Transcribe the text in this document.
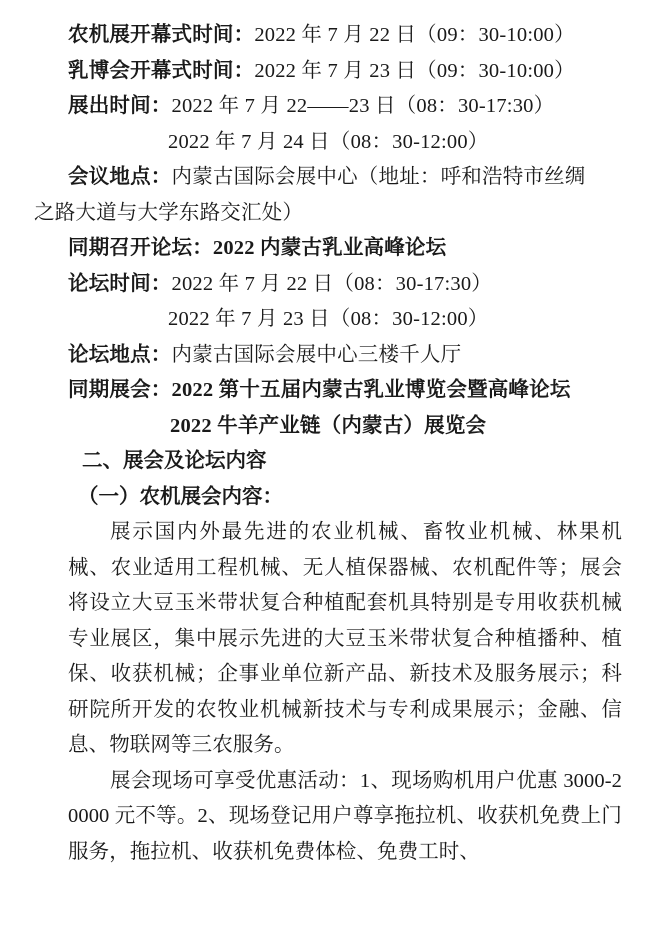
农机展开幕式时间：2022 年 7 月 22 日（09：30-10:00）
乳博会开幕式时间：2022 年 7 月 23 日（09：30-10:00）
展出时间：2022 年 7 月 22——23 日（08：30-17:30）
2022 年 7 月 24 日（08：30-12:00）
会议地点：内蒙古国际会展中心（地址：呼和浩特市丝绸
之路大道与大学东路交汇处）
同期召开论坛：2022 内蒙古乳业高峰论坛
论坛时间：2022 年 7 月 22 日（08：30-17:30）
2022 年 7 月 23 日（08：30-12:00）
论坛地点：内蒙古国际会展中心三楼千人厅
同期展会：2022 第十五届内蒙古乳业博览会暨高峰论坛
2022 牛羊产业链（内蒙古）展览会
二、展会及论坛内容
（一）农机展会内容：
展示国内外最先进的农业机械、畜牧业机械、林果机械、农业适用工程机械、无人植保器械、农机配件等；展会将设立大豆玉米带状复合种植配套机具特别是专用收获机械专业展区，集中展示先进的大豆玉米带状复合种植播种、植保、收获机械；企事业单位新产品、新技术及服务展示；科研院所开发的农牧业机械新技术与专利成果展示；金融、信息、物联网等三农服务。
展会现场可享受优惠活动：1、现场购机用户优惠 3000-20000 元不等。2、现场登记用户尊享拖拉机、收获机免费上门服务，拖拉机、收获机免费体检、免费工时、
